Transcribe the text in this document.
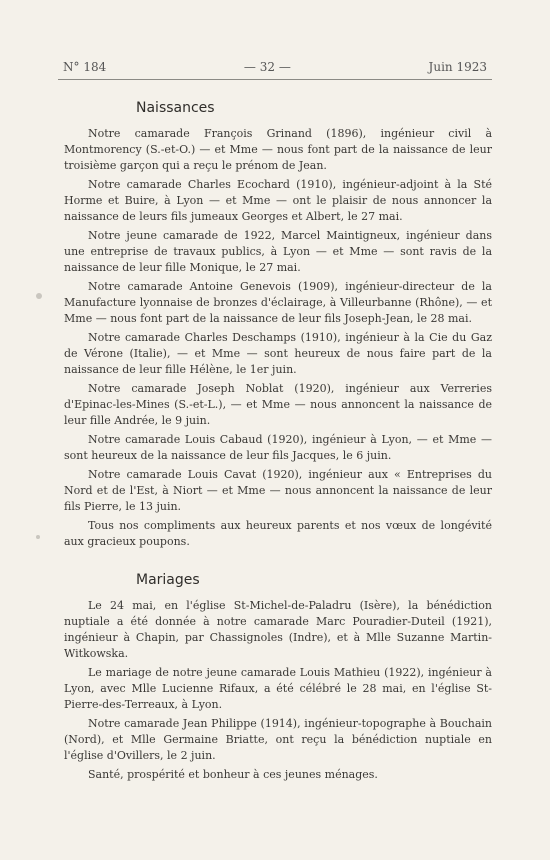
N° 184	— 32 —	Juin 1923
Naissances

Notre camarade François Grinand (1896), ingénieur civil à Montmorency (S.-et-O.) — et Mme — nous font part de la naissance de leur troisième garçon qui a reçu le prénom de Jean.

Notre camarade Charles Ecochard (1910), ingénieur-adjoint à la Sté Horme et Buire, à Lyon — et Mme — ont le plaisir de nous annoncer la naissance de leurs fils jumeaux Georges et Albert, le 27 mai.

Notre jeune camarade de 1922, Marcel Maintigneux, ingénieur dans une entreprise de travaux publics, à Lyon — et Mme — sont ravis de la naissance de leur fille Monique, le 27 mai.

Notre camarade Antoine Genevois (1909), ingénieur-directeur de la Manufacture lyonnaise de bronzes d'éclairage, à Villeurbanne (Rhône), — et Mme — nous font part de la naissance de leur fils Joseph-Jean, le 28 mai.

Notre camarade Charles Deschamps (1910), ingénieur à la Cie du Gaz de Vérone (Italie), — et Mme — sont heureux de nous faire part de la naissance de leur fille Hélène, le 1er juin.

Notre camarade Joseph Noblat (1920), ingénieur aux Verreries d'Epinac-les-Mines (S.-et-L.), — et Mme — nous annoncent la naissance de leur fille Andrée, le 9 juin.

Notre camarade Louis Cabaud (1920), ingénieur à Lyon, — et Mme — sont heureux de la naissance de leur fils Jacques, le 6 juin.

Notre camarade Louis Cavat (1920), ingénieur aux « Entreprises du Nord et de l'Est, à Niort — et Mme — nous annoncent la naissance de leur fils Pierre, le 13 juin.

Tous nos compliments aux heureux parents et nos vœux de longévité aux gracieux poupons.

Mariages

Le 24 mai, en l'église St-Michel-de-Paladru (Isère), la bénédiction nuptiale a été donnée à notre camarade Marc Pouradier-Duteil (1921), ingénieur à Chapin, par Chassignoles (Indre), et à Mlle Suzanne Martin-Witkowska.

Le mariage de notre jeune camarade Louis Mathieu (1922), ingénieur à Lyon, avec Mlle Lucienne Rifaux, a été célébré le 28 mai, en l'église St-Pierre-des-Terreaux, à Lyon.

Notre camarade Jean Philippe (1914), ingénieur-topographe à Bouchain (Nord), et Mlle Germaine Briatte, ont reçu la bénédiction nuptiale en l'église d'Ovillers, le 2 juin.

Santé, prospérité et bonheur à ces jeunes ménages.
